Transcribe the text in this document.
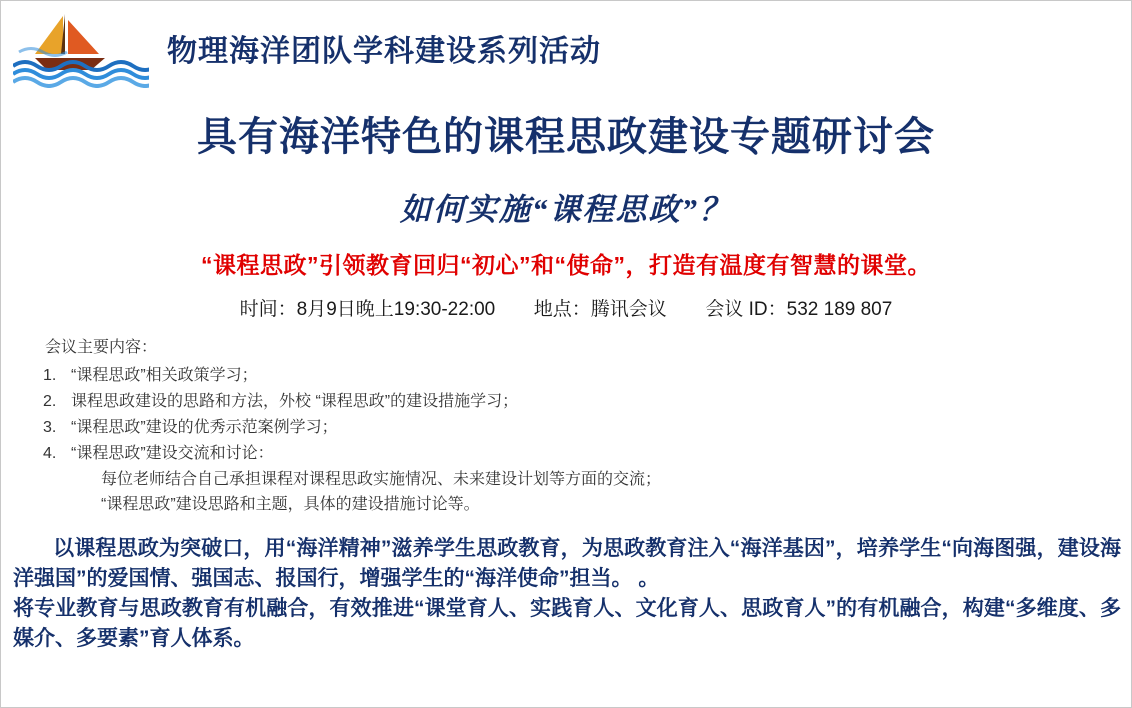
物理海洋团队学科建设系列活动
具有海洋特色的课程思政建设专题研讨会
如何实施“课程思政”？
“课程思政”引领教育回归“初心”和“使命”，打造有温度有智慧的课堂。
时间：8月9日晚上19:30-22:00 地点：腾讯会议 会议 ID：532 189 807
会议主要内容：
1. “课程思政”相关政策学习；
2. 课程思政建设的思路和方法，外校 “课程思政”的建设措施学习；
3. “课程思政”建设的优秀示范案例学习；
4. “课程思政”建设交流和讨论：
每位老师结合自己承担课程对课程思政实施情况、未来建设计划等方面的交流；
“课程思政”建设思路和主题，具体的建设措施讨论等。
以课程思政为突破口，用“海洋精神”滋养学生思政教育，为思政教育注入“海洋基因”，培养学生“向海图强，建设海洋强国”的爱国情、强国志、报国行，增强学生的“海洋使命”担当。 。
将专业教育与思政教育有机融合，有效推进“课堂育人、实践育人、文化育人、思政育人”的有机融合，构建“多维度、多媒介、多要素”育人体系。
